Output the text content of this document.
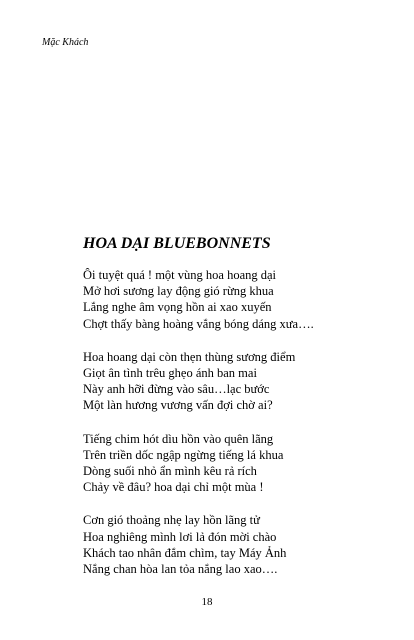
Mặc Khách
HOA DẠI BLUEBONNETS
Ôi tuyệt quá ! một vùng hoa hoang dại
Mở hơi sương lay động gió rừng khua
Lắng nghe âm vọng hồn ai xao xuyến
Chợt thấy bàng hoàng vắng bóng dáng xưa….
Hoa hoang dại còn thẹn thùng sương điểm
Giọt ân tình trêu ghẹo ánh ban mai
Này anh hỡi đừng vào sâu…lạc bước
Một làn hương vương vấn đợi chờ ai?
Tiếng chim hót dìu hồn vào quên lãng
Trên triền dốc ngập ngừng tiếng lá khua
Dòng suối nhỏ ẩn mình kêu rả rích
Chảy về đâu? hoa dại chỉ một mùa !
Cơn gió thoảng nhẹ lay hồn lãng tử
Hoa nghiêng mình lơi lả đón mời chào
Khách tao nhân đắm chìm, tay Máy Ảnh
Nắng chan hòa lan tỏa nắng lao xao….
18
